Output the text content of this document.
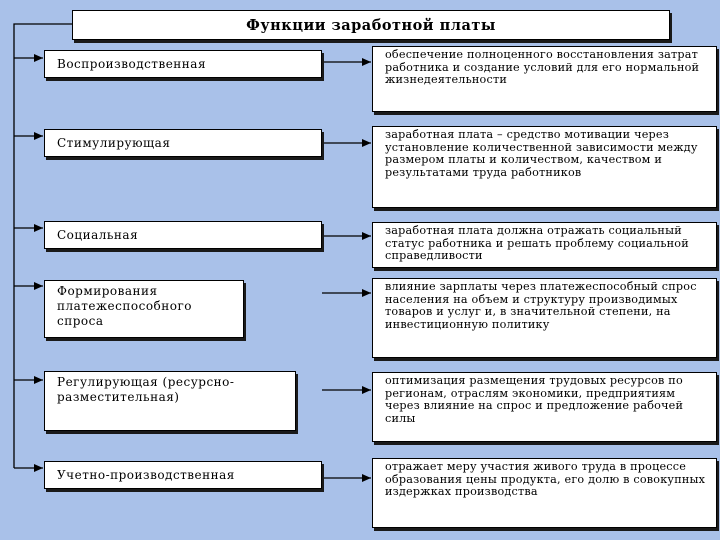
Функции заработной платы
Воспроизводственная
Стимулирующая
Социальная
Формирования платежеспособного спроса
Регулирующая (ресурсно-разместительная)
Учетно-производственная
обеспечение полноценного восстановления затрат работника и создание условий для его нормальной жизнедеятельности
заработная плата – средство мотивации через установление количественной зависимости между размером платы и количеством, качеством и результатами труда работников
заработная плата должна отражать социальный статус работника и решать проблему социальной справедливости
влияние зарплаты через платежеспособный спрос населения на объем и структуру производимых товаров и услуг и, в значительной степени, на инвестиционную политику
оптимизация размещения трудовых ресурсов по регионам, отраслям экономики, предприятиям через влияние на спрос и предложение рабочей силы
отражает меру участия живого труда в процессе образования цены продукта, его долю в совокупных издержках производства
